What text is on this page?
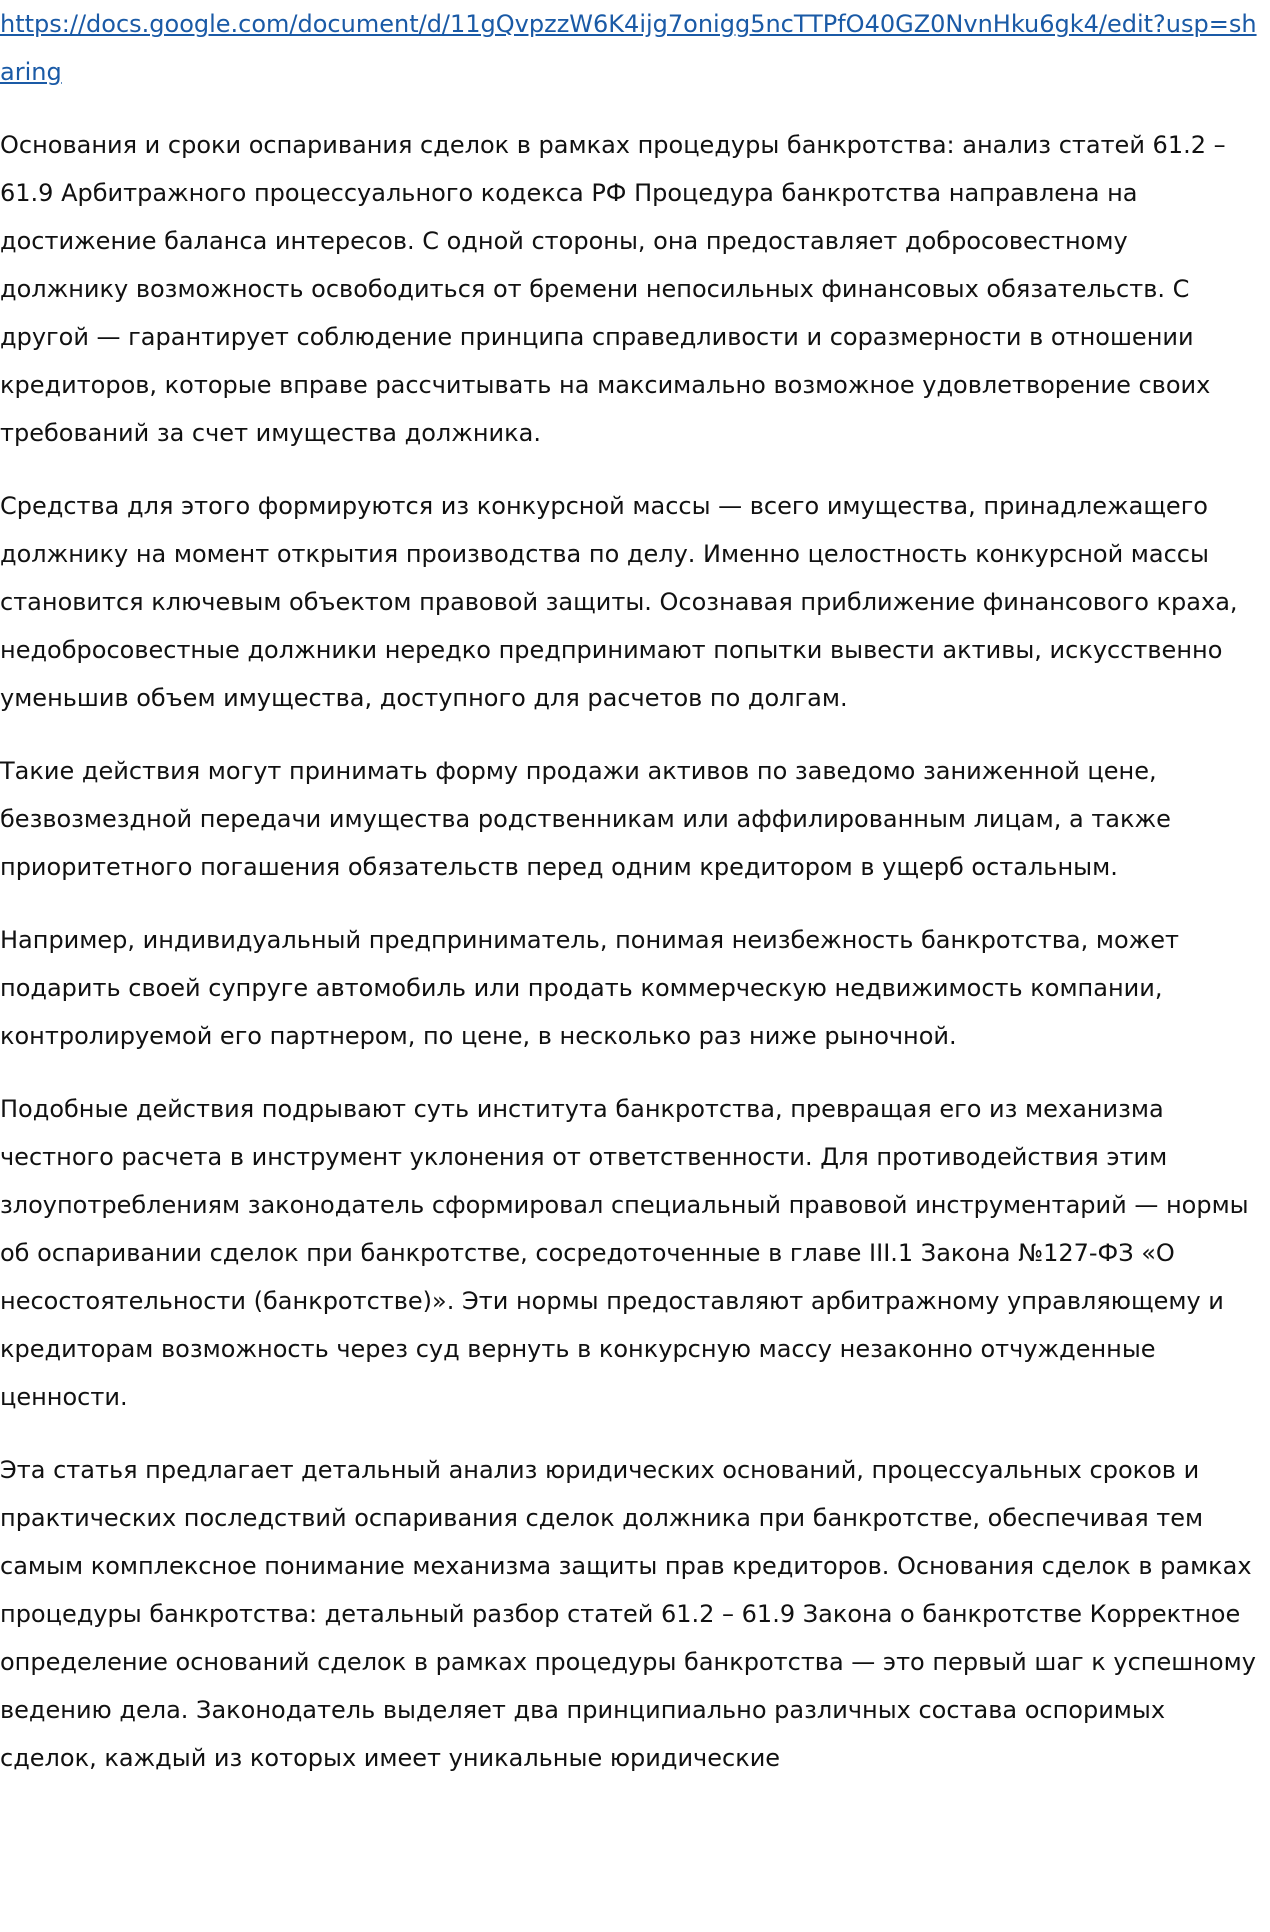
https://docs.google.com/document/d/11gQvpzzW6K4ijg7onigg5ncTTPfO40GZ0NvnHku6gk4/edit?usp=sharing

Основания и сроки оспаривания сделок в рамках процедуры банкротства: анализ статей 61.2 – 61.9 Арбитражного процессуального кодекса РФ Процедура банкротства направлена на достижение баланса интересов. С одной стороны, она предоставляет добросовестному должнику возможность освободиться от бремени непосильных финансовых обязательств. С другой — гарантирует соблюдение принципа справедливости и соразмерности в отношении кредиторов, которые вправе рассчитывать на максимально возможное удовлетворение своих требований за счет имущества должника.

Средства для этого формируются из конкурсной массы — всего имущества, принадлежащего должнику на момент открытия производства по делу. Именно целостность конкурсной массы становится ключевым объектом правовой защиты. Осознавая приближение финансового краха, недобросовестные должники нередко предпринимают попытки вывести активы, искусственно уменьшив объем имущества, доступного для расчетов по долгам.

Такие действия могут принимать форму продажи активов по заведомо заниженной цене, безвозмездной передачи имущества родственникам или аффилированным лицам, а также приоритетного погашения обязательств перед одним кредитором в ущерб остальным.

Например, индивидуальный предприниматель, понимая неизбежность банкротства, может подарить своей супруге автомобиль или продать коммерческую недвижимость компании, контролируемой его партнером, по цене, в несколько раз ниже рыночной.

Подобные действия подрывают суть института банкротства, превращая его из механизма честного расчета в инструмент уклонения от ответственности. Для противодействия этим злоупотреблениям законодатель сформировал специальный правовой инструментарий — нормы об оспаривании сделок при банкротстве, сосредоточенные в главе III.1 Закона №127-ФЗ «О несостоятельности (банкротстве)». Эти нормы предоставляют арбитражному управляющему и кредиторам возможность через суд вернуть в конкурсную массу незаконно отчужденные ценности.

Эта статья предлагает детальный анализ юридических оснований, процессуальных сроков и практических последствий оспаривания сделок должника при банкротстве, обеспечивая тем самым комплексное понимание механизма защиты прав кредиторов. Основания сделок в рамках процедуры банкротства: детальный разбор статей 61.2 – 61.9 Закона о банкротстве Корректное определение оснований сделок в рамках процедуры банкротства — это первый шаг к успешному ведению дела. Законодатель выделяет два принципиально различных состава оспоримых сделок, каждый из которых имеет уникальные юридические
